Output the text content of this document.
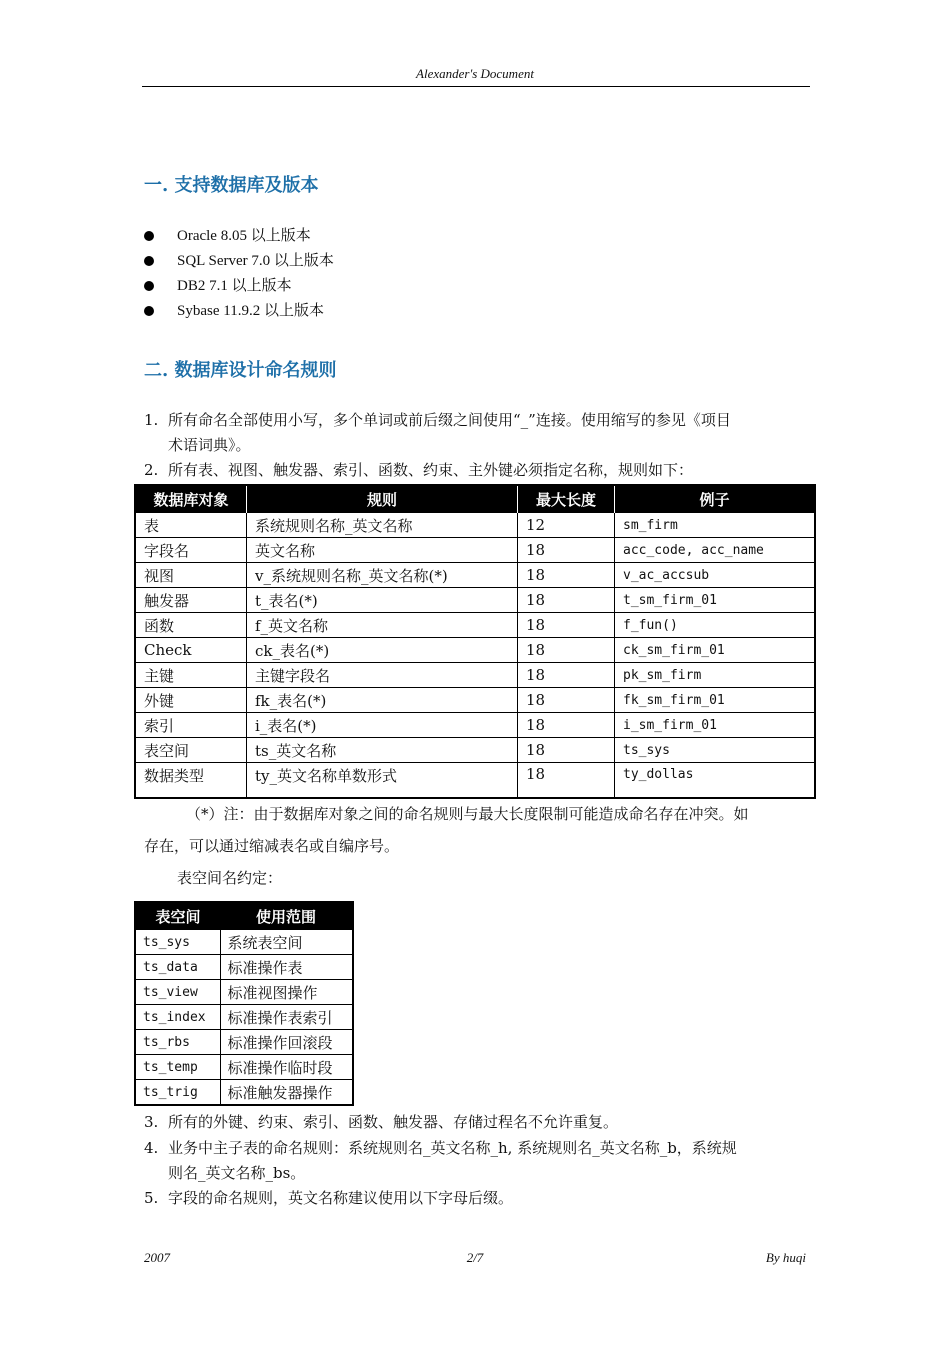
Alexander's Document
一. 支持数据库及版本
Oracle 8.05 以上版本
SQL Server 7.0 以上版本
DB2 7.1 以上版本
Sybase 11.9.2 以上版本
二. 数据库设计命名规则
1. 所有命名全部使用小写，多个单词或前后缀之间使用“_”连接。使用缩写的参见《项目
术语词典》。
2. 所有表、视图、触发器、索引、函数、约束、主外键必须指定名称，规则如下：
数据库对象	规则	最大长度	例子
表	系统规则名称_英文名称	12	sm_firm
字段名	英文名称	18	acc_code, acc_name
视图	v_系统规则名称_英文名称(*)	18	v_ac_accsub
触发器	t_表名(*)	18	t_sm_firm_01
函数	f_英文名称	18	f_fun()
Check	ck_表名(*)	18	ck_sm_firm_01
主键	主键字段名	18	pk_sm_firm
外键	fk_表名(*)	18	fk_sm_firm_01
索引	i_表名(*)	18	i_sm_firm_01
表空间	ts_英文名称	18	ts_sys
数据类型	ty_英文名称单数形式	18	ty_dollas
（*）注：由于数据库对象之间的命名规则与最大长度限制可能造成命名存在冲突。如
存在，可以通过缩减表名或自编序号。
表空间名约定：
表空间	使用范围
ts_sys	系统表空间
ts_data	标准操作表
ts_view	标准视图操作
ts_index	标准操作表索引
ts_rbs	标准操作回滚段
ts_temp	标准操作临时段
ts_trig	标准触发器操作
3. 所有的外键、约束、索引、函数、触发器、存储过程名不允许重复。
4. 业务中主子表的命名规则：系统规则名_英文名称_h, 系统规则名_英文名称_b，系统规
则名_英文名称_bs。
5. 字段的命名规则，英文名称建议使用以下字母后缀。
2007	2/7	By huqi
